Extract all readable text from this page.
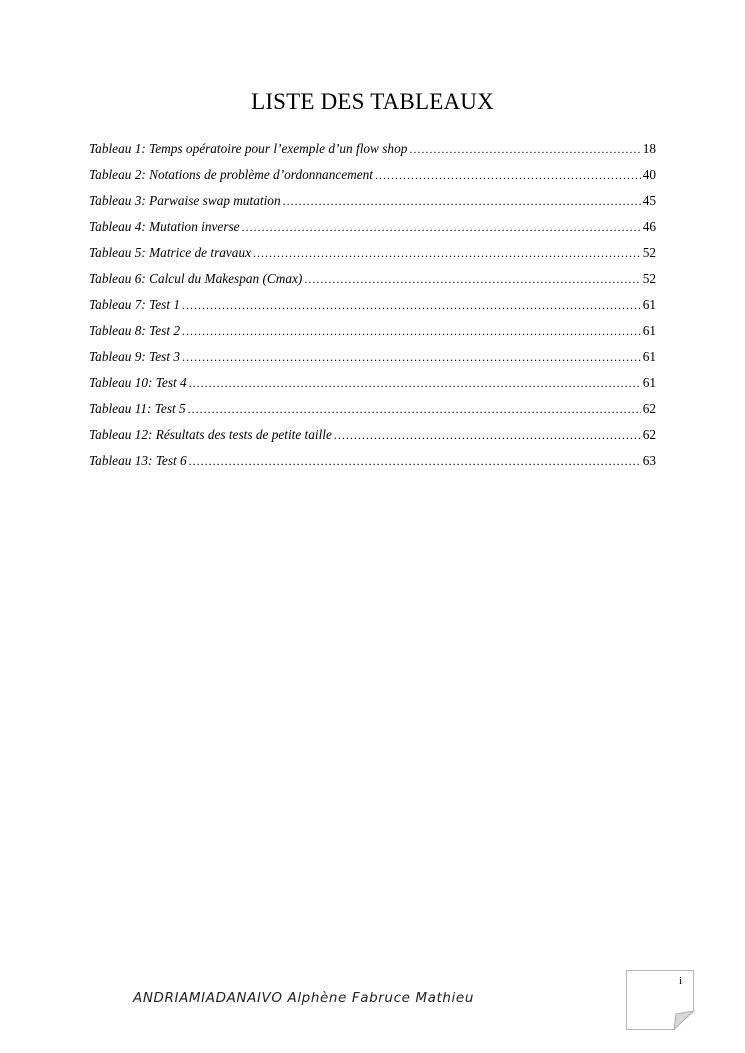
LISTE DES TABLEAUX
Tableau 1: Temps opératoire pour l’exemple d’un flow shop .....	18
Tableau 2: Notations de problème d’ordonnancement .....	40
Tableau 3: Parwaise swap mutation .....	45
Tableau 4: Mutation inverse .....	46
Tableau 5: Matrice de travaux .....	52
Tableau 6: Calcul du Makespan (Cmax) .....	52
Tableau 7: Test 1 .....	61
Tableau 8: Test 2 .....	61
Tableau 9: Test 3 .....	61
Tableau 10: Test 4 .....	61
Tableau 11: Test 5 .....	62
Tableau 12: Résultats des tests de petite taille .....	62
Tableau 13: Test 6 .....	63
ANDRIAMIADANAIVO Alphène Fabruce Mathieu
i
